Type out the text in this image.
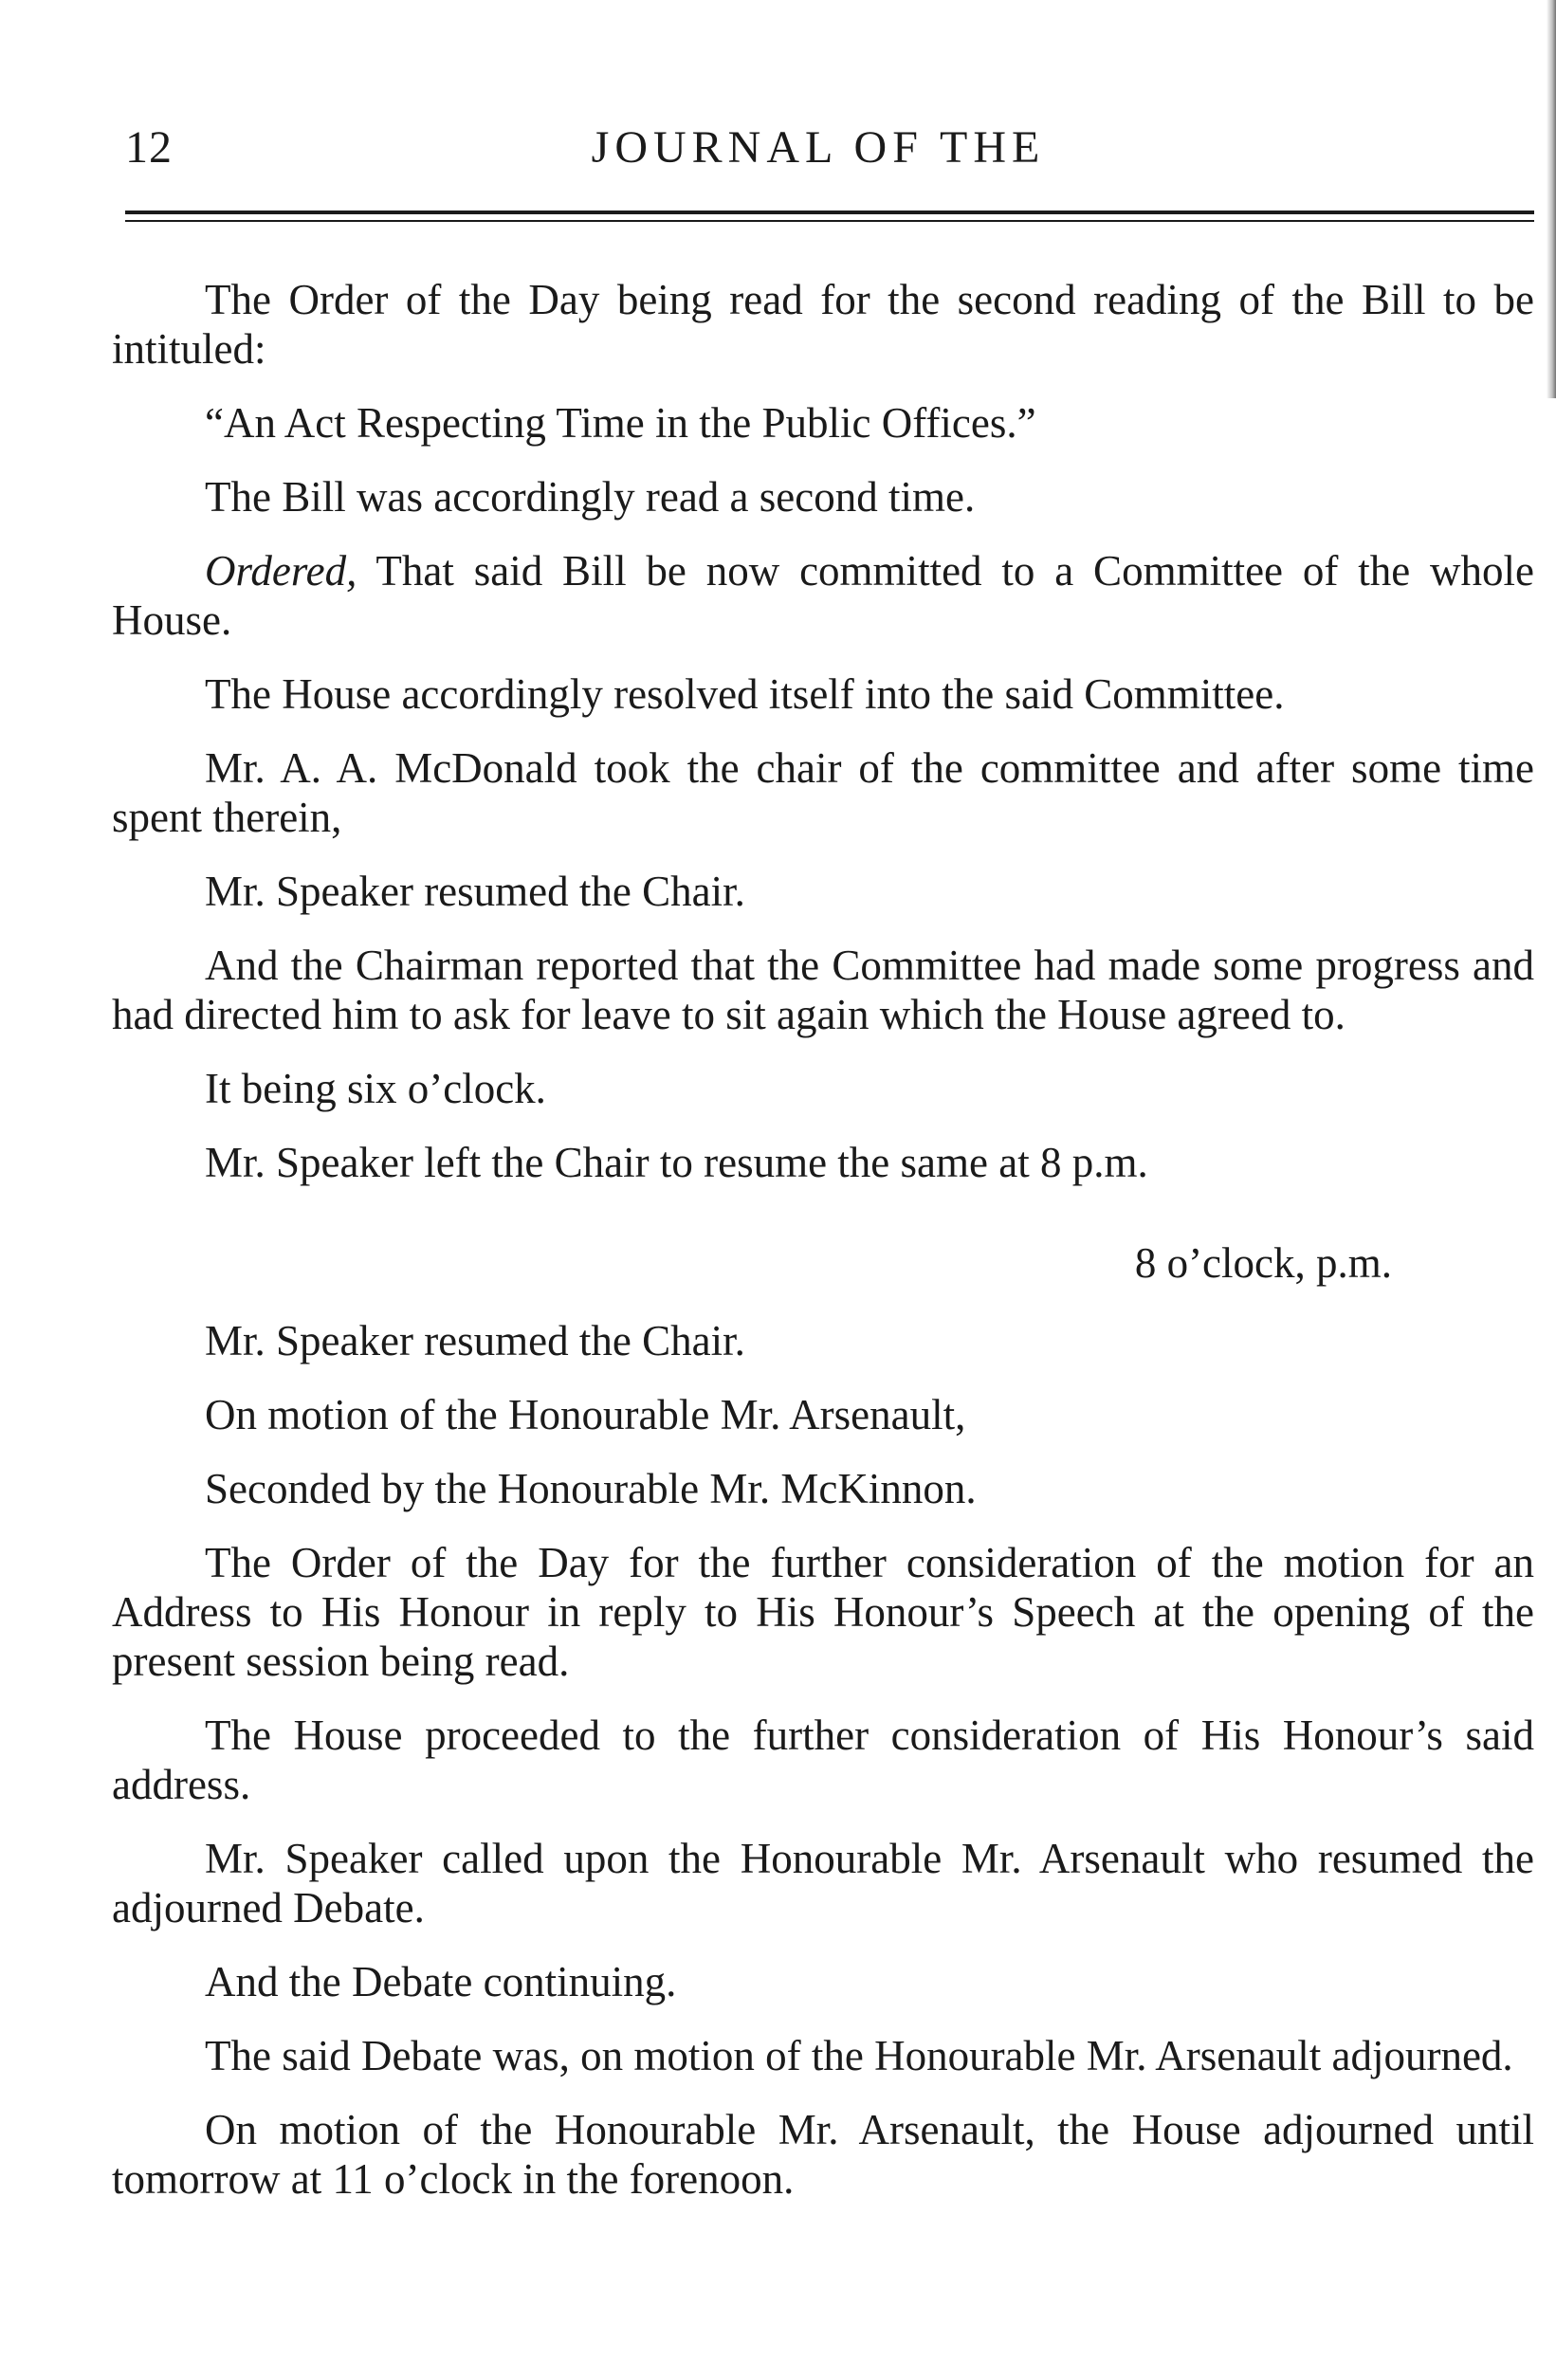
12	JOURNAL OF THE

The Order of the Day being read for the second reading of the Bill to be intituled:

“An Act Respecting Time in the Public Offices.”

The Bill was accordingly read a second time.

Ordered, That said Bill be now committed to a Committee of the whole House.

The House accordingly resolved itself into the said Committee.

Mr. A. A. McDonald took the chair of the committee and after some time spent therein,

Mr. Speaker resumed the Chair.

And the Chairman reported that the Committee had made some progress and had directed him to ask for leave to sit again which the House agreed to.

It being six o’clock.

Mr. Speaker left the Chair to resume the same at 8 p.m.

8 o’clock, p.m.

Mr. Speaker resumed the Chair.

On motion of the Honourable Mr. Arsenault,

Seconded by the Honourable Mr. McKinnon.

The Order of the Day for the further consideration of the motion for an Address to His Honour in reply to His Honour’s Speech at the opening of the present session being read.

The House proceeded to the further consideration of His Honour’s said address.

Mr. Speaker called upon the Honourable Mr. Arsenault who resumed the adjourned Debate.

And the Debate continuing.

The said Debate was, on motion of the Honourable Mr. Arsenault adjourned.

On motion of the Honourable Mr. Arsenault, the House adjourned until tomorrow at 11 o’clock in the forenoon.
